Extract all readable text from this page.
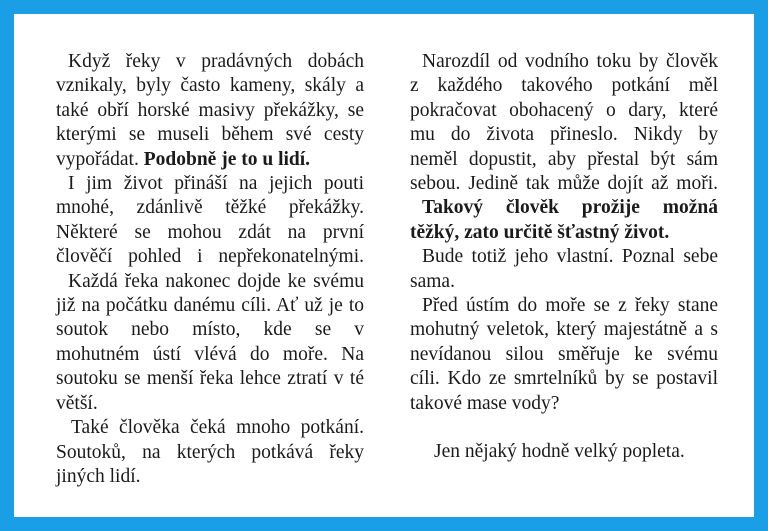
Když řeky v pradávných dobách
vznikaly, byly často kameny, skály a
také obří horské masivy překážky, se
kterými se museli během své cesty
vypořádat. Podobně je to u lidí.
I jim život přináší na jejich pouti
mnohé, zdánlivě těžké překážky.
Některé se mohou zdát na první
člověčí pohled i nepřekonatelnými.
Každá řeka nakonec dojde ke svému
již na počátku danému cíli. Ať už je to
soutok nebo místo, kde se v
mohutném ústí vlévá do moře. Na
soutoku se menší řeka lehce ztratí v té
větší.
Také člověka čeká mnoho potkání.
Soutoků, na kterých potkává řeky
jiných lidí.
Narozdíl od vodního toku by člověk
z každého takového potkání měl
pokračovat obohacený o dary, které
mu do života přineslo. Nikdy by
neměl dopustit, aby přestal být sám
sebou. Jedině tak může dojít až moři.
Takový člověk prožije možná
těžký, zato určitě šťastný život.
Bude totiž jeho vlastní. Poznal sebe
sama.
Před ústím do moře se z řeky stane
mohutný veletok, který majestátně a s
nevídanou silou směřuje ke svému
cíli. Kdo ze smrtelníků by se postavil
takové mase vody?

Jen nějaký hodně velký popleta.
